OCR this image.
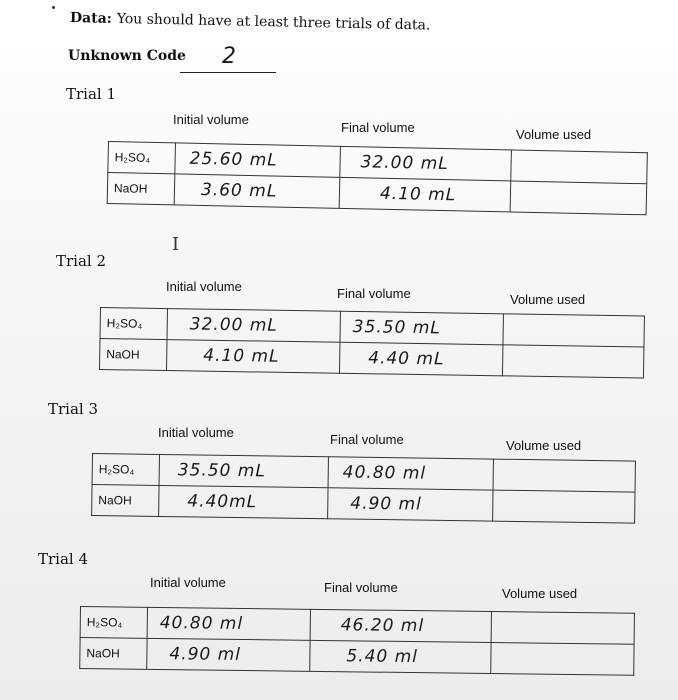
Data: You should have at least three trials of data.
Unknown Code 2
Trial 1
Initial volume
Final volume	Volume used
H₂SO₄	25.60 mL	32.00 mL	
NaOH	3.60 mL	4.10 mL	
I
Trial 2
Initial volume	Final volume	Volume used
H₂SO₄	32.00 mL	35.50 mL	
NaOH	4.10 mL	4.40 mL	
Trial 3
Initial volume	Final volume	Volume used
H₂SO₄	35.50 mL	40.80 ml	
NaOH	4.40mL	4.90 ml	
Trial 4
Initial volume	Final volume	Volume used
H₂SO₄	40.80 ml	46.20 ml	
NaOH	4.90 ml	5.40 ml	
